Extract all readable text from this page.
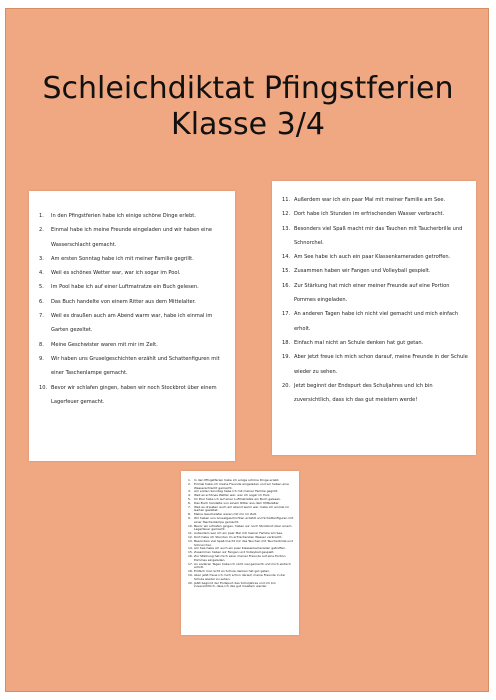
Schleichdiktat Pfingstferien
Klasse 3/4
1.	In den Pfingstferien habe ich einige schöne Dinge erlebt.
2.	Einmal habe ich meine Freunde eingeladen und wir haben eine Wasserschlacht gemacht.
3.	Am ersten Sonntag habe ich mit meiner Familie gegrillt.
4.	Weil es schönes Wetter war, war ich sogar im Pool.
5.	Im Pool habe ich auf einer Luftmatratze ein Buch gelesen.
6.	Das Buch handelte von einem Ritter aus dem Mittelalter.
7.	Weil es draußen auch am Abend warm war, habe ich einmal im Garten gezeltet.
8.	Meine Geschwister waren mit mir im Zelt.
9.	Wir haben uns Gruselgeschichten erzählt und Schattenfiguren mit einer Taschenlampe gemacht.
10. Bevor wir schlafen gingen, haben wir noch Stockbrot über einem Lagerfeuer gemacht.
11. Außerdem war ich ein paar Mal mit meiner Familie am See.
12. Dort habe ich Stunden im erfrischenden Wasser verbracht.
13. Besonders viel Spaß macht mir das Tauchen mit Taucherbrille und Schnorchel.
14. Am See habe ich auch ein paar Klassenkameraden getroffen.
15. Zusammen haben wir Fangen und Volleyball gespielt.
16. Zur Stärkung hat mich einer meiner Freunde auf eine Portion Pommes eingeladen.
17. An anderen Tagen habe ich nicht viel gemacht und mich einfach erholt.
18. Einfach mal nicht an Schule denken hat gut getan.
19. Aber jetzt freue ich mich schon darauf, meine Freunde in der Schule wieder zu sehen.
20. Jetzt beginnt der Endspurt des Schuljahres und ich bin zuversichtlich, dass ich das gut meistern werde!
1.	In den Pfingstferien habe ich einige schöne Dinge erlebt.
2.	Einmal habe ich meine Freunde eingeladen und wir haben eine Wasserschlacht gemacht.
3.	Am ersten Sonntag habe ich mit meiner Familie gegrillt.
4.	Weil es schönes Wetter war, war ich sogar im Pool.
5.	Im Pool habe ich auf einer Luftmatratze ein Buch gelesen.
6.	Das Buch handelte von einem Ritter aus dem Mittelalter.
7.	Weil es draußen auch am Abend warm war, habe ich einmal im Garten gezeltet.
8.	Meine Geschwister waren mit mir im Zelt.
9.	Wir haben uns Gruselgeschichten erzählt und Schattenfiguren mit einer Taschenlampe gemacht.
10. Bevor wir schlafen gingen, haben wir noch Stockbrot über einem Lagerfeuer gemacht.
11. Außerdem war ich ein paar Mal mit meiner Familie am See.
12. Dort habe ich Stunden im erfrischenden Wasser verbracht.
13. Besonders viel Spaß macht mir das Tauchen mit Taucherbrille und Schnorchel.
14. Am See habe ich auch ein paar Klassenkameraden getroffen.
15. Zusammen haben wir Fangen und Volleyball gespielt.
16. Zur Stärkung hat mich einer meiner Freunde auf eine Portion Pommes eingeladen.
17. An anderen Tagen habe ich nicht viel gemacht und mich einfach erholt.
18. Einfach mal nicht an Schule denken hat gut getan.
19. Aber jetzt freue ich mich schon darauf, meine Freunde in der Schule wieder zu sehen.
20. Jetzt beginnt der Endspurt des Schuljahres und ich bin zuversichtlich, dass ich das gut meistern werde!
